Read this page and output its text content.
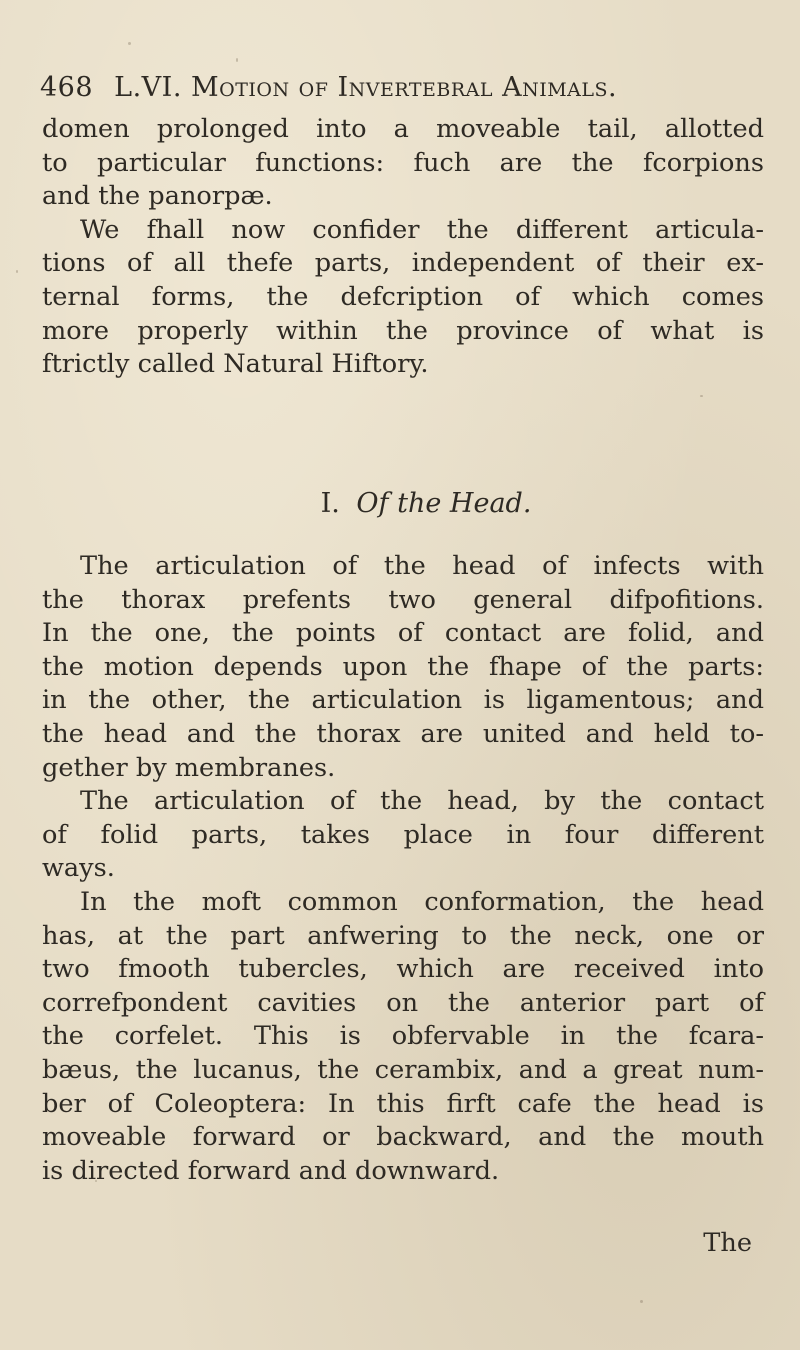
468 L.VI. Motion of Invertebral Animals.
domen prolonged into a moveable tail, allotted
to particular functions: fuch are the fcorpions
and the panorpæ.
We fhall now confider the different articula-
tions of all thefe parts, independent of their ex-
ternal forms, the defcription of which comes
more properly within the province of what is
ftrictly called Natural Hiftory.
I. Of the Head.
The articulation of the head of infects with
the thorax prefents two general difpofitions.
In the one, the points of contact are folid, and
the motion depends upon the fhape of the parts:
in the other, the articulation is ligamentous; and
the head and the thorax are united and held to-
gether by membranes.
The articulation of the head, by the contact
of folid parts, takes place in four different
ways.
In the moft common conformation, the head
has, at the part anfwering to the neck, one or
two fmooth tubercles, which are received into
correfpondent cavities on the anterior part of
the corfelet. This is obfervable in the fcara-
bæus, the lucanus, the cerambix, and a great num-
ber of Coleoptera: In this firft cafe the head is
moveable forward or backward, and the mouth
is directed forward and downward.
The
